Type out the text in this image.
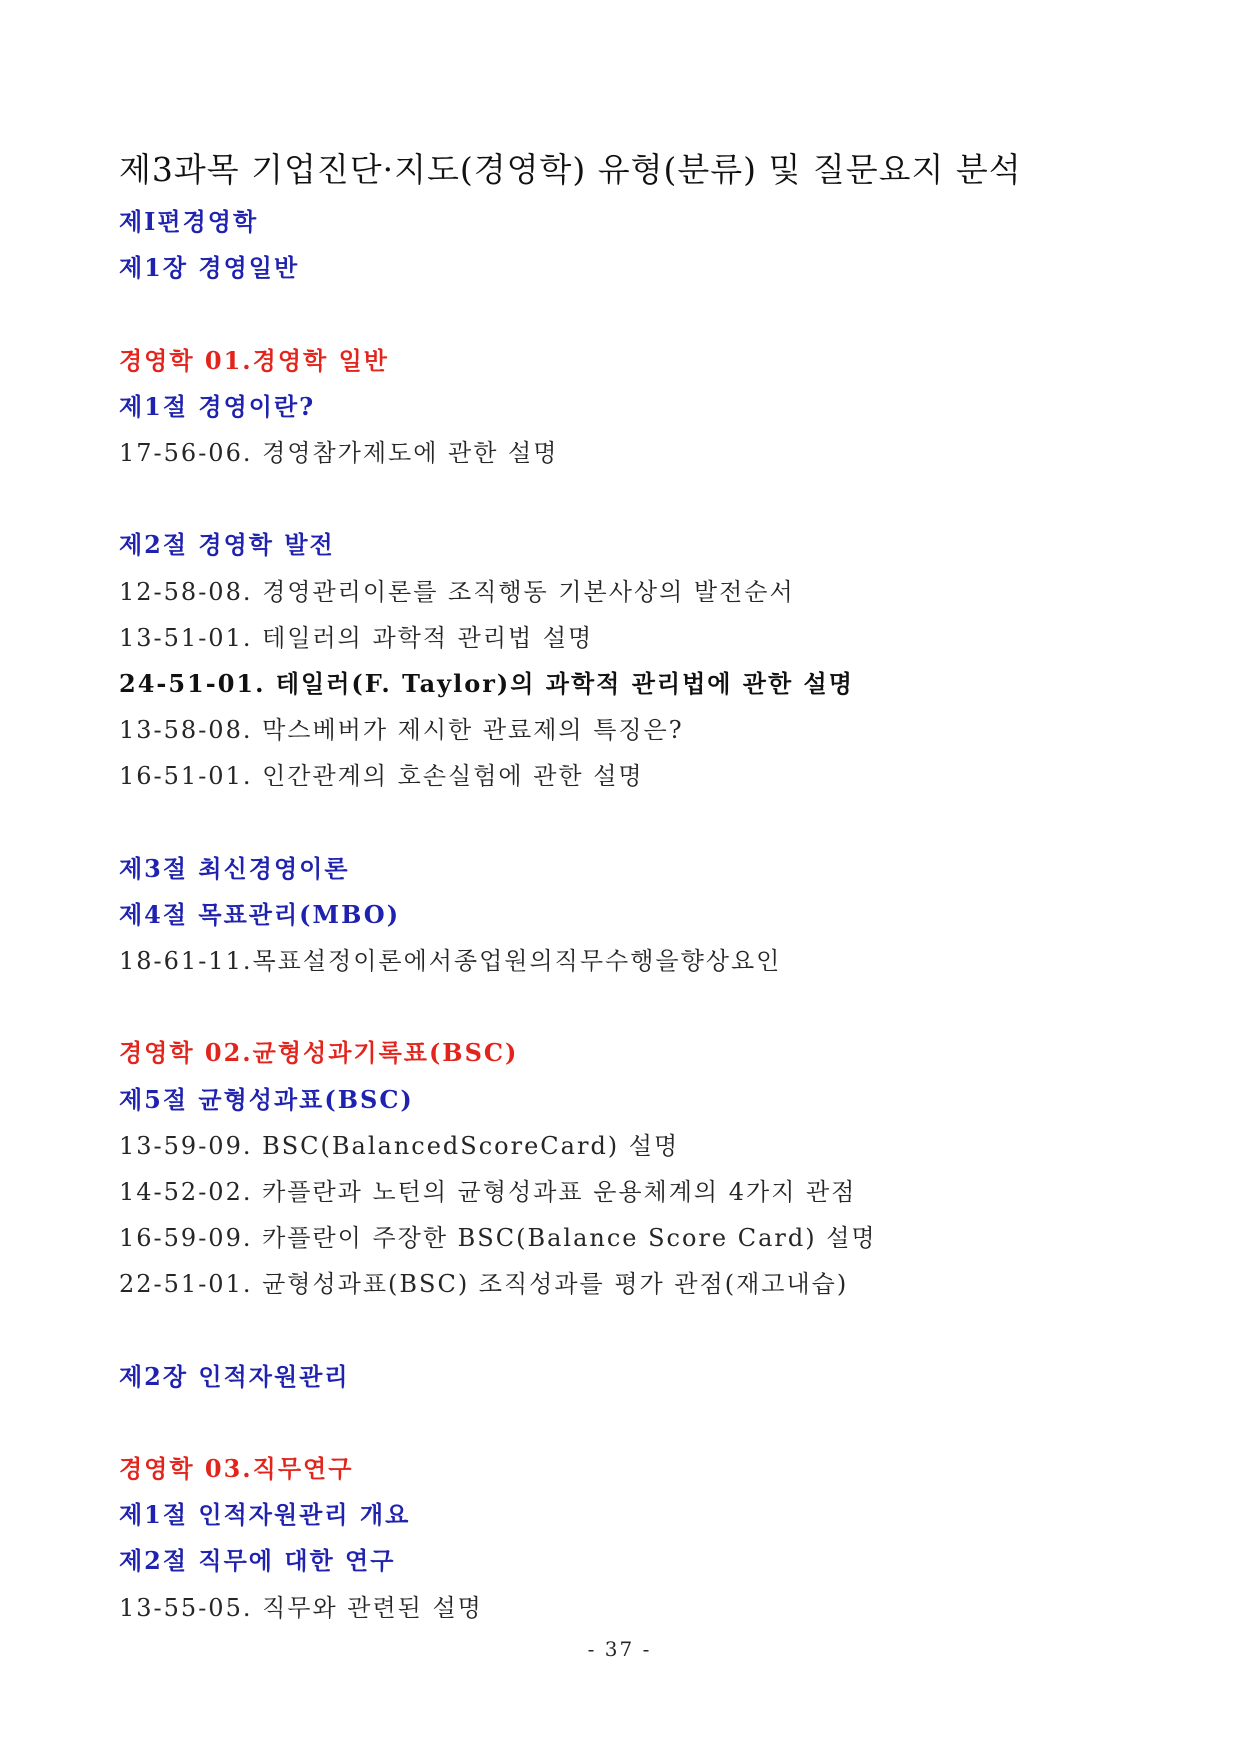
제3과목 기업진단·지도(경영학) 유형(분류) 및 질문요지 분석
제Ⅰ편경영학
제1장 경영일반
경영학 01.경영학 일반
제1절 경영이란?
17-56-06. 경영참가제도에 관한 설명
제2절 경영학 발전
12-58-08. 경영관리이론를 조직행동 기본사상의 발전순서
13-51-01. 테일러의 과학적 관리법 설명
24-51-01. 테일러(F. Taylor)의 과학적 관리법에 관한 설명
13-58-08. 막스베버가 제시한 관료제의 특징은?
16-51-01. 인간관계의 호손실험에 관한 설명
제3절 최신경영이론
제4절 목표관리(MBO)
18-61-11.목표설정이론에서종업원의직무수행을향상요인
경영학 02.균형성과기록표(BSC)
제5절 균형성과표(BSC)
13-59-09. BSC(BalancedScoreCard) 설명
14-52-02. 카플란과 노턴의 균형성과표 운용체계의 4가지 관점
16-59-09. 카플란이 주장한 BSC(Balance Score Card) 설명
22-51-01. 균형성과표(BSC) 조직성과를 평가 관점(재고내습)
제2장 인적자원관리
경영학 03.직무연구
제1절 인적자원관리 개요
제2절 직무에 대한 연구
13-55-05. 직무와 관련된 설명
- 37 -
